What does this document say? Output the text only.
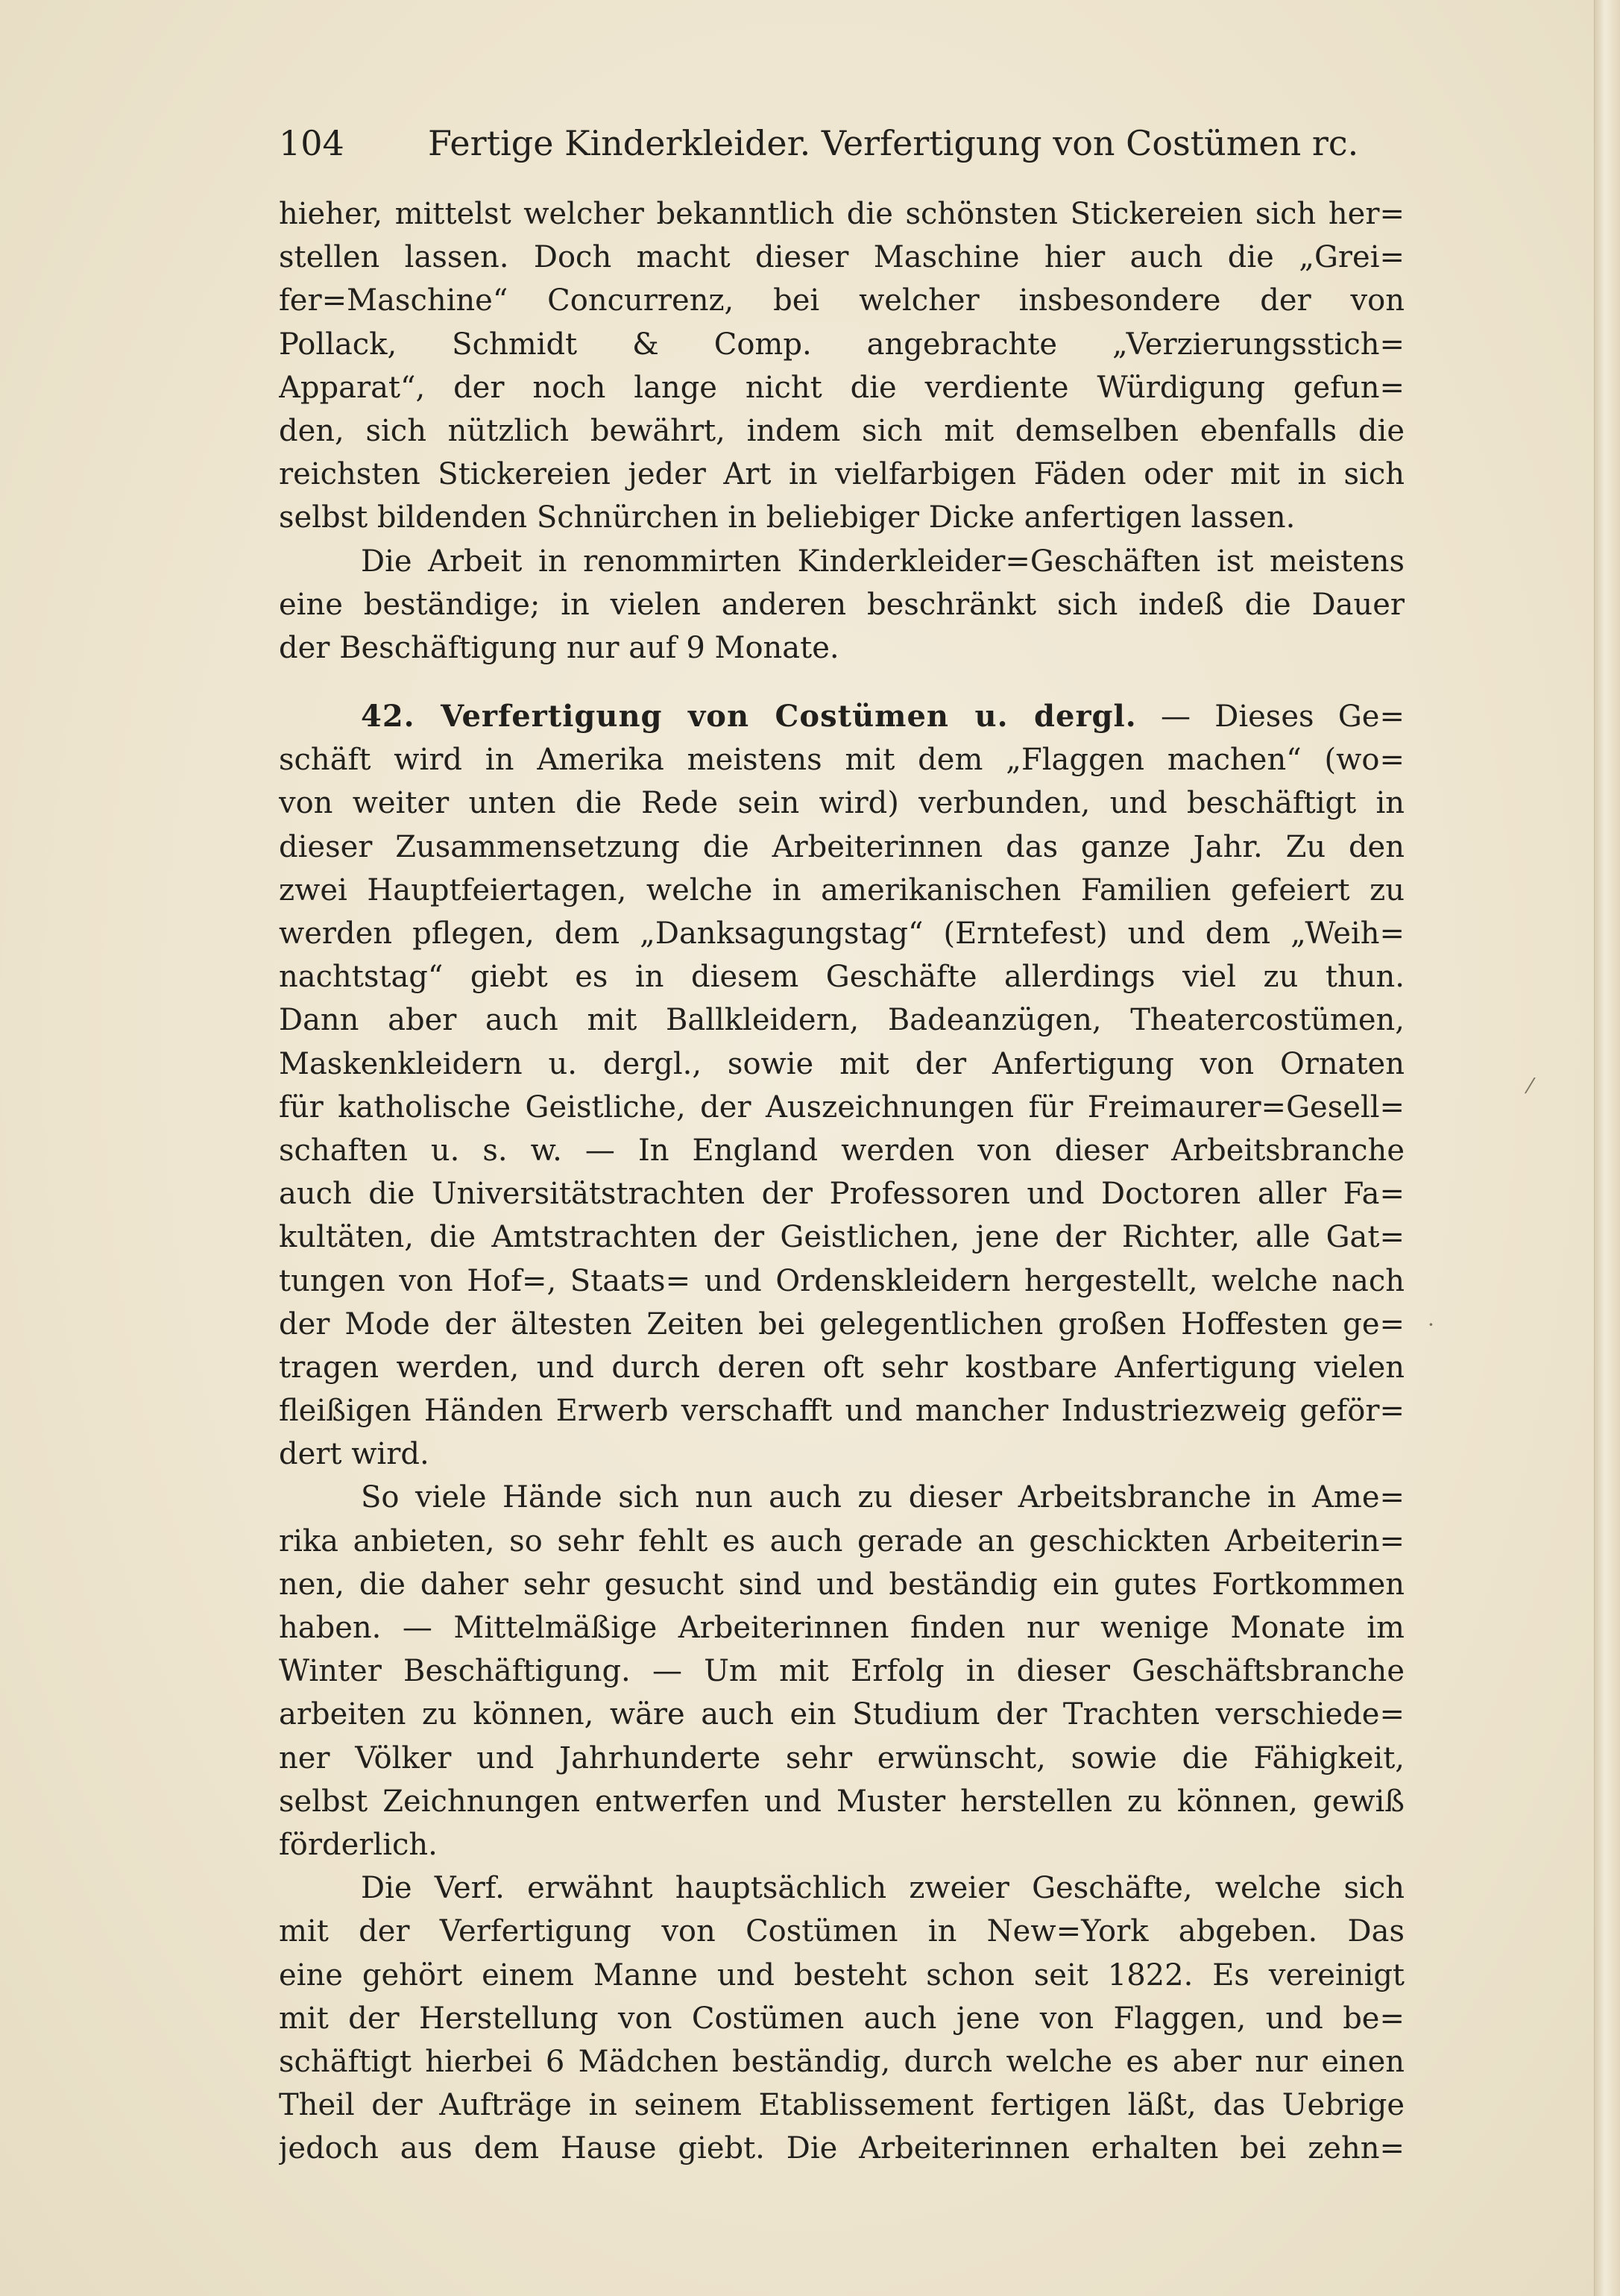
104 Fertige Kinderkleider. Verfertigung von Costümen rc.
hieher, mittelst welcher bekanntlich die schönsten Stickereien sich her=
stellen lassen. Doch macht dieser Maschine hier auch die „Grei=
fer=Maschine“ Concurrenz, bei welcher insbesondere der von
Pollack, Schmidt & Comp. angebrachte „Verzierungsstich=
Apparat“, der noch lange nicht die verdiente Würdigung gefun=
den, sich nützlich bewährt, indem sich mit demselben ebenfalls die
reichsten Stickereien jeder Art in vielfarbigen Fäden oder mit in sich
selbst bildenden Schnürchen in beliebiger Dicke anfertigen lassen.
Die Arbeit in renommirten Kinderkleider=Geschäften ist meistens
eine beständige; in vielen anderen beschränkt sich indeß die Dauer
der Beschäftigung nur auf 9 Monate.
42. Verfertigung von Costümen u. dergl. — Dieses Ge=
schäft wird in Amerika meistens mit dem „Flaggen machen“ (wo=
von weiter unten die Rede sein wird) verbunden, und beschäftigt in
dieser Zusammensetzung die Arbeiterinnen das ganze Jahr. Zu den
zwei Hauptfeiertagen, welche in amerikanischen Familien gefeiert zu
werden pflegen, dem „Danksagungstag“ (Erntefest) und dem „Weih=
nachtstag“ giebt es in diesem Geschäfte allerdings viel zu thun.
Dann aber auch mit Ballkleidern, Badeanzügen, Theatercostümen,
Maskenkleidern u. dergl., sowie mit der Anfertigung von Ornaten
für katholische Geistliche, der Auszeichnungen für Freimaurer=Gesell=
schaften u. s. w. — In England werden von dieser Arbeitsbranche
auch die Universitätstrachten der Professoren und Doctoren aller Fa=
kultäten, die Amtstrachten der Geistlichen, jene der Richter, alle Gat=
tungen von Hof=, Staats= und Ordenskleidern hergestellt, welche nach
der Mode der ältesten Zeiten bei gelegentlichen großen Hoffesten ge=
tragen werden, und durch deren oft sehr kostbare Anfertigung vielen
fleißigen Händen Erwerb verschafft und mancher Industriezweig geför=
dert wird.
So viele Hände sich nun auch zu dieser Arbeitsbranche in Ame=
rika anbieten, so sehr fehlt es auch gerade an geschickten Arbeiterin=
nen, die daher sehr gesucht sind und beständig ein gutes Fortkommen
haben. — Mittelmäßige Arbeiterinnen finden nur wenige Monate im
Winter Beschäftigung. — Um mit Erfolg in dieser Geschäftsbranche
arbeiten zu können, wäre auch ein Studium der Trachten verschiede=
ner Völker und Jahrhunderte sehr erwünscht, sowie die Fähigkeit,
selbst Zeichnungen entwerfen und Muster herstellen zu können, gewiß
förderlich.
Die Verf. erwähnt hauptsächlich zweier Geschäfte, welche sich
mit der Verfertigung von Costümen in New=York abgeben. Das
eine gehört einem Manne und besteht schon seit 1822. Es vereinigt
mit der Herstellung von Costümen auch jene von Flaggen, und be=
schäftigt hierbei 6 Mädchen beständig, durch welche es aber nur einen
Theil der Aufträge in seinem Etablissement fertigen läßt, das Uebrige
jedoch aus dem Hause giebt. Die Arbeiterinnen erhalten bei zehn=
⁄
·
